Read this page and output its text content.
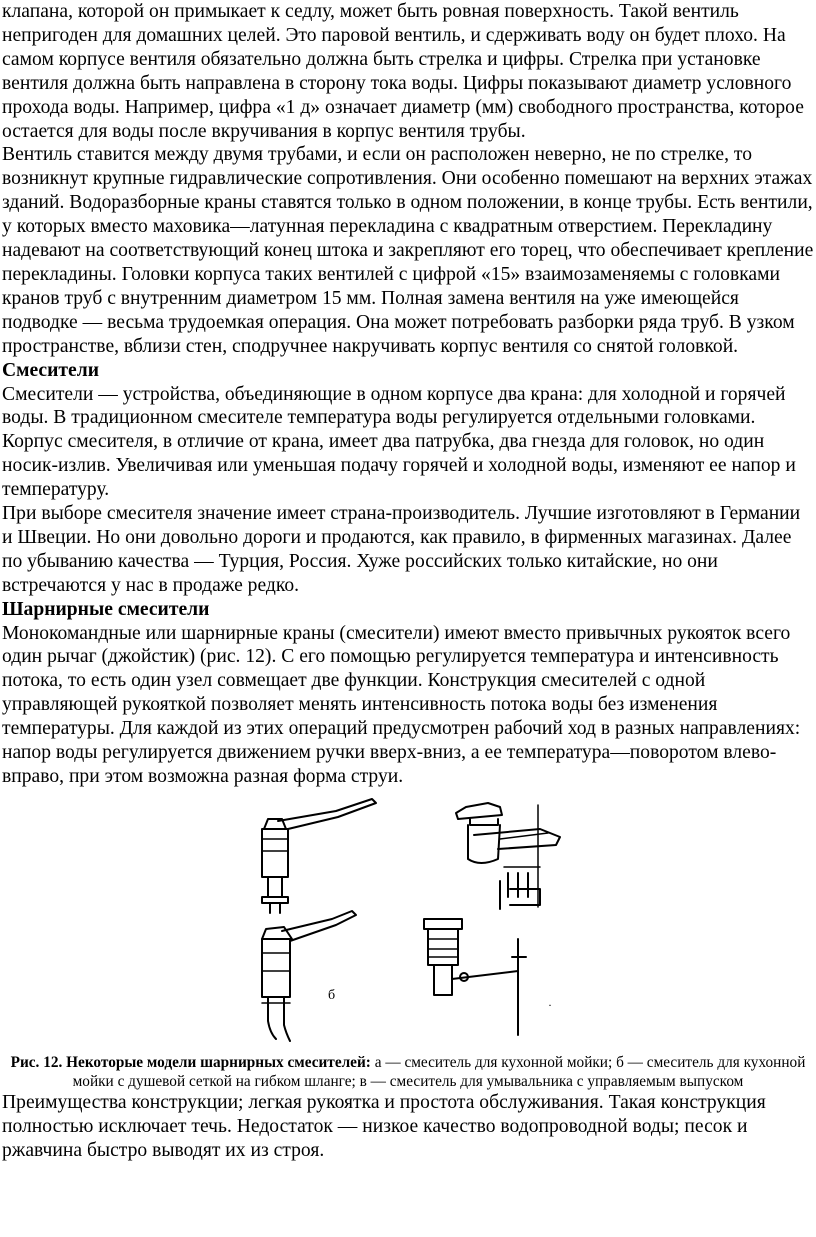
клапана, которой он примыкает к седлу, может быть ровная поверхность. Такой вентиль непригоден для домашних целей. Это паровой вентиль, и сдерживать воду он будет плохо. На самом корпусе вентиля обязательно должна быть стрелка и цифры. Стрелка при установке вентиля должна быть направлена в сторону тока воды. Цифры показывают диаметр условного прохода воды. Например, цифра «1 д» означает диаметр (мм) свободного пространства, которое остается для воды после вкручивания в корпус вентиля трубы.

Вентиль ставится между двумя трубами, и если он расположен неверно, не по стрелке, то возникнут крупные гидравлические сопротивления. Они особенно помешают на верхних этажах зданий. Водоразборные краны ставятся только в одном положении, в конце трубы. Есть вентили, у которых вместо маховика—латунная перекладина с квадратным отверстием. Перекладину надевают на соответствующий конец штока и закрепляют его торец, что обеспечивает крепление перекладины. Головки корпуса таких вентилей с цифрой «15» взаимозаменяемы с головками кранов труб с внутренним диаметром 15 мм. Полная замена вентиля на уже имеющейся подводке — весьма трудоемкая операция. Она может потребовать разборки ряда труб. В узком пространстве, вблизи стен, сподручнее накручивать корпус вентиля со снятой головкой.

Смесители

Смесители — устройства, объединяющие в одном корпусе два крана: для холодной и горячей воды. В традиционном смесителе температура воды регулируется отдельными головками. Корпус смесителя, в отличие от крана, имеет два патрубка, два гнезда для головок, но один носик-излив. Увеличивая или уменьшая подачу горячей и холодной воды, изменяют ее напор и температуру.

При выборе смесителя значение имеет страна-производитель. Лучшие изготовляют в Германии и Швеции. Но они довольно дороги и продаются, как правило, в фирменных магазинах. Далее по убыванию качества — Турция, Россия. Хуже российских только китайские, но они встречаются у нас в продаже редко.

Шарнирные смесители

Монокомандные или шарнирные краны (смесители) имеют вместо привычных рукояток всего один рычаг (джойстик) (рис. 12). С его помощью регулируется температура и интенсивность потока, то есть один узел совмещает две функции. Конструкция смесителей с одной управляющей рукояткой позволяет менять интенсивность потока воды без изменения температуры. Для каждой из этих операций предусмотрен рабочий ход в разных направлениях: напор воды регулируется движением ручки вверх-вниз, а ее температура—поворотом влево-вправо, при этом возможна разная форма струи.

б
·

Рис. 12. Некоторые модели шарнирных смесителей: а — смеситель для кухонной мойки; б — смеситель для кухонной мойки с душевой сеткой на гибком шланге; в — смеситель для умывальника с управляемым выпуском

Преимущества конструкции; легкая рукоятка и простота обслуживания. Такая конструкция полностью исключает течь. Недостаток — низкое качество водопроводной воды; песок и ржавчина быстро выводят их из строя.
